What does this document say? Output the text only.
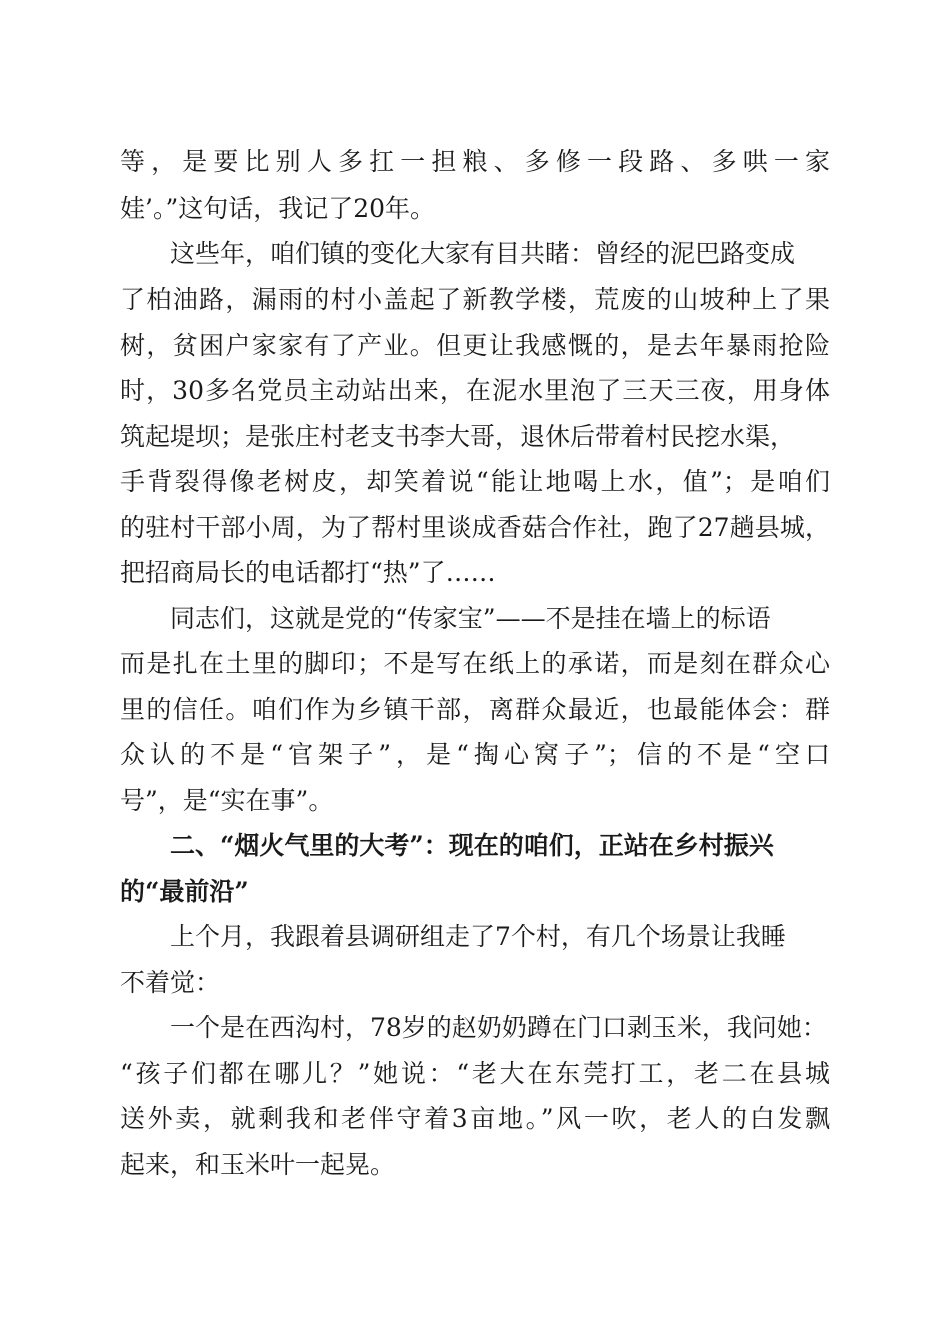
等，是要比别人多扛一担粮、多修一段路、多哄一家
娃’。”这句话，我记了20年。
这些年，咱们镇的变化大家有目共睹：曾经的泥巴路变成
了柏油路，漏雨的村小盖起了新教学楼，荒废的山坡种上了果
树，贫困户家家有了产业。但更让我感慨的，是去年暴雨抢险
时，30多名党员主动站出来，在泥水里泡了三天三夜，用身体
筑起堤坝；是张庄村老支书李大哥，退休后带着村民挖水渠，
手背裂得像老树皮，却笑着说“能让地喝上水，值”；是咱们
的驻村干部小周，为了帮村里谈成香菇合作社，跑了27趟县城，
把招商局长的电话都打“热”了……
同志们，这就是党的“传家宝”——不是挂在墙上的标语
而是扎在土里的脚印；不是写在纸上的承诺，而是刻在群众心
里的信任。咱们作为乡镇干部，离群众最近，也最能体会：群
众认的不是“官架子”，是“掏心窝子”；信的不是“空口
号”，是“实在事”。
二、“烟火气里的大考”：现在的咱们，正站在乡村振兴
的“最前沿”
上个月，我跟着县调研组走了7个村，有几个场景让我睡
不着觉：
一个是在西沟村，78岁的赵奶奶蹲在门口剥玉米，我问她：
“孩子们都在哪儿？”她说：“老大在东莞打工，老二在县城
送外卖，就剩我和老伴守着3亩地。”风一吹，老人的白发飘
起来，和玉米叶一起晃。
